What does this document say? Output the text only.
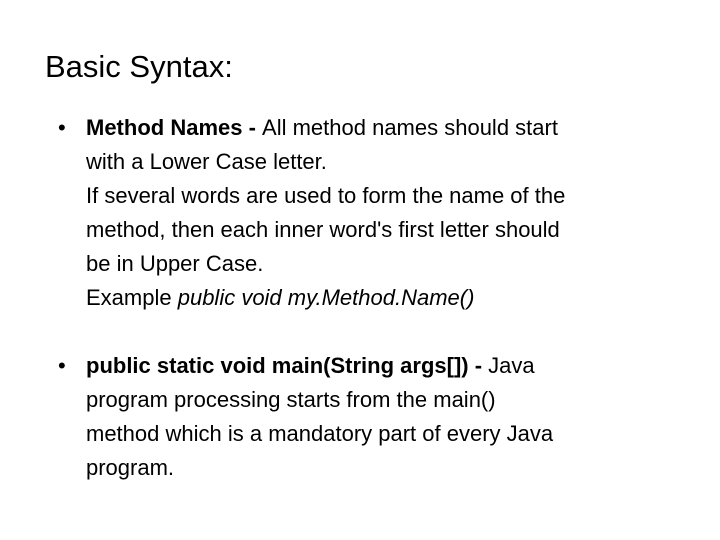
Basic Syntax:
• Method Names - All method names should start
with a Lower Case letter.
If several words are used to form the name of the
method, then each inner word's first letter should
be in Upper Case.
Example public void my.Method.Name()
• public static void main(String args[]) - Java
program processing starts from the main()
method which is a mandatory part of every Java
program.
